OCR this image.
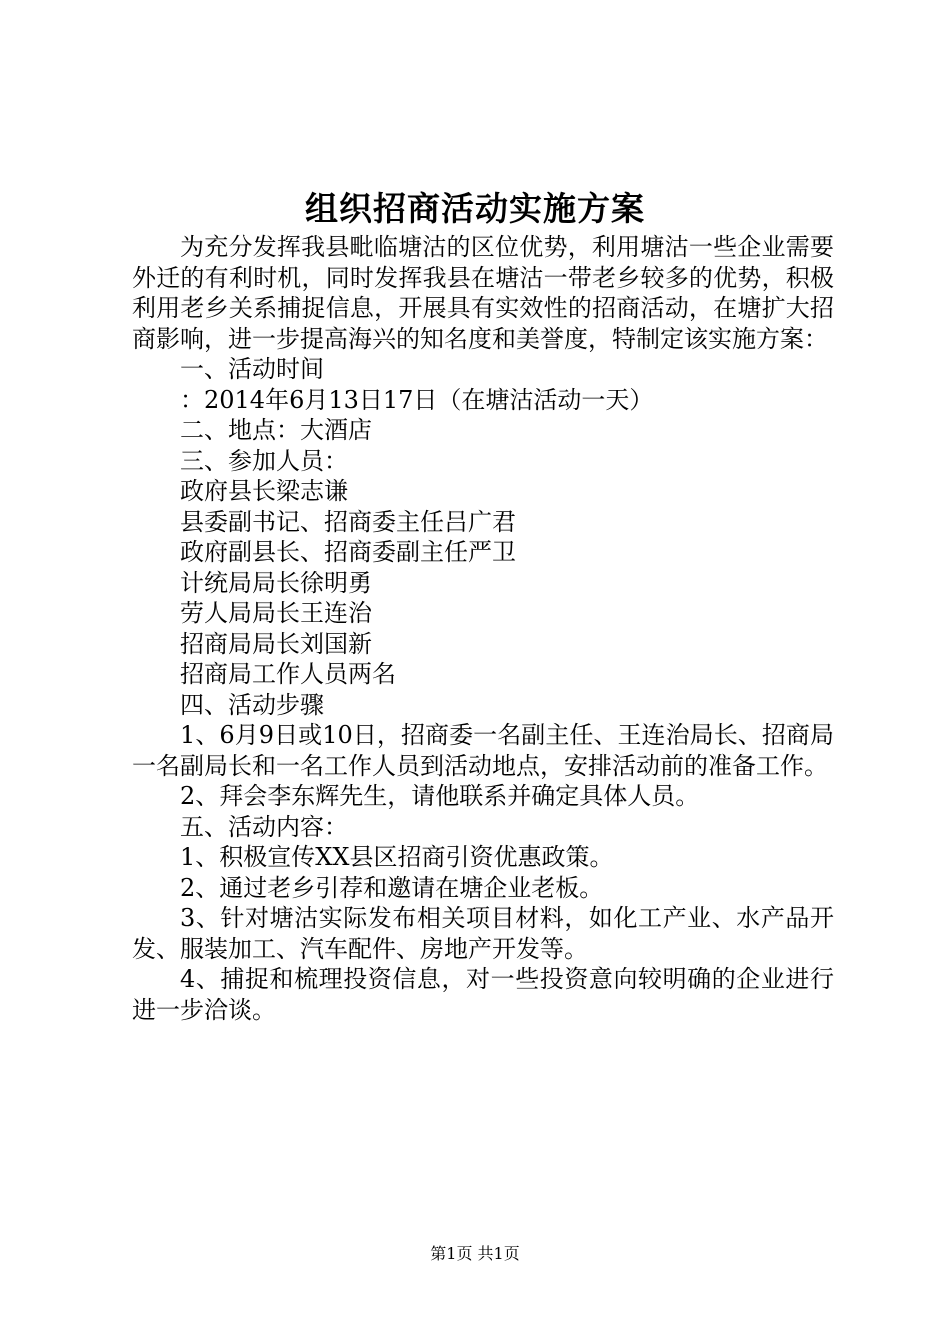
组织招商活动实施方案

为充分发挥我县毗临塘沽的区位优势，利用塘沽一些企业需要外迁的有利时机，同时发挥我县在塘沽一带老乡较多的优势，积极利用老乡关系捕捉信息，开展具有实效性的招商活动，在塘扩大招商影响，进一步提高海兴的知名度和美誉度，特制定该实施方案：

一、活动时间

：2014年6月13日17日（在塘沽活动一天）

二、地点：大酒店

三、参加人员：

政府县长梁志谦

县委副书记、招商委主任吕广君

政府副县长、招商委副主任严卫

计统局局长徐明勇

劳人局局长王连治

招商局局长刘国新

招商局工作人员两名

四、活动步骤

1、6月9日或10日，招商委一名副主任、王连治局长、招商局一名副局长和一名工作人员到活动地点，安排活动前的准备工作。

2、拜会李东辉先生，请他联系并确定具体人员。

五、活动内容：

1、积极宣传XX县区招商引资优惠政策。

2、通过老乡引荐和邀请在塘企业老板。

3、针对塘沽实际发布相关项目材料，如化工产业、水产品开发、服装加工、汽车配件、房地产开发等。

4、捕捉和梳理投资信息，对一些投资意向较明确的企业进行进一步洽谈。

第1页 共1页
